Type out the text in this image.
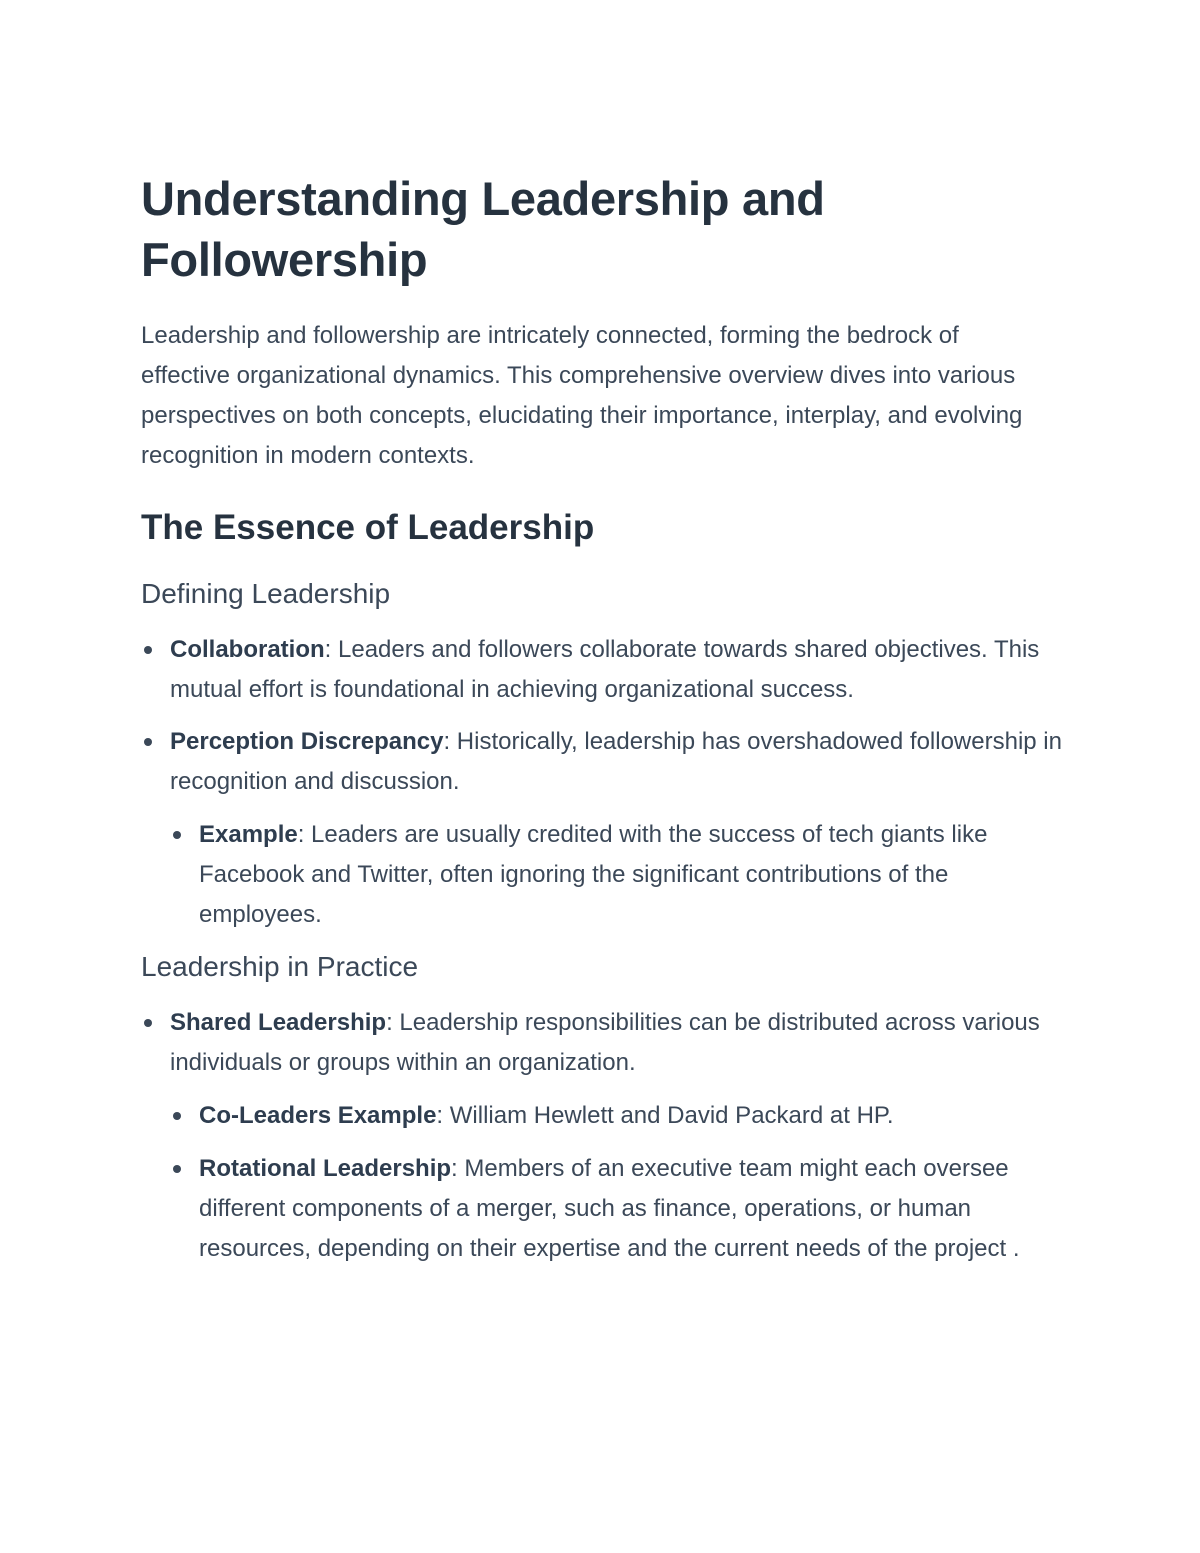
Understanding Leadership and Followership

Leadership and followership are intricately connected, forming the bedrock of effective organizational dynamics. This comprehensive overview dives into various perspectives on both concepts, elucidating their importance, interplay, and evolving recognition in modern contexts.

The Essence of Leadership
Defining Leadership
Collaboration: Leaders and followers collaborate towards shared objectives. This mutual effort is foundational in achieving organizational success.
Perception Discrepancy: Historically, leadership has overshadowed followership in recognition and discussion.
Example: Leaders are usually credited with the success of tech giants like Facebook and Twitter, often ignoring the significant contributions of the employees.
Leadership in Practice
Shared Leadership: Leadership responsibilities can be distributed across various individuals or groups within an organization.
Co-Leaders Example: William Hewlett and David Packard at HP.
Rotational Leadership: Members of an executive team might each oversee different components of a merger, such as finance, operations, or human resources, depending on their expertise and the current needs of the project .
